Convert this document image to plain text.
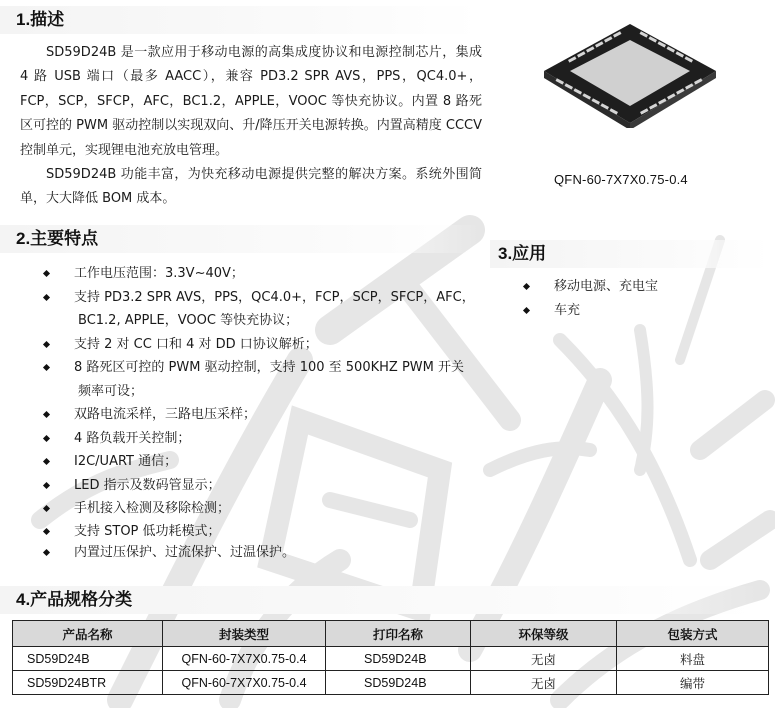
1.描述

SD59D24B 是一款应用于移动电源的高集成度协议和电源控制芯片，集成 4 路 USB 端口（最多 AACC），兼容 PD3.2 SPR AVS，PPS，QC4.0+，FCP，SCP，SFCP，AFC，BC1.2，APPLE，VOOC 等快充协议。内置 8 路死区可控的 PWM 驱动控制以实现双向、升/降压开关电源转换。内置高精度 CCCV 控制单元，实现锂电池充放电管理。

SD59D24B 功能丰富，为快充移动电源提供完整的解决方案。系统外围简单，大大降低 BOM 成本。

QFN-60-7X7X0.75-0.4
2.主要特点
工作电压范围：3.3V~40V；
支持 PD3.2 SPR AVS，PPS，QC4.0+，FCP，SCP，SFCP，AFC，
BC1.2, APPLE，VOOC 等快充协议；
支持 2 对 CC 口和 4 对 DD 口协议解析；
8 路死区可控的 PWM 驱动控制，支持 100 至 500KHZ PWM 开关
频率可设；
双路电流采样，三路电压采样；
4 路负载开关控制；
I2C/UART 通信；
LED 指示及数码管显示；
手机接入检测及移除检测；
支持 STOP 低功耗模式；
内置过压保护、过流保护、过温保护。
3.应用
移动电源、充电宝
车充
4.产品规格分类
产品名称	封装类型	打印名称	环保等级	包装方式
SD59D24B	QFN-60-7X7X0.75-0.4	SD59D24B	无卤	料盘
SD59D24BTR	QFN-60-7X7X0.75-0.4	SD59D24B	无卤	编带
